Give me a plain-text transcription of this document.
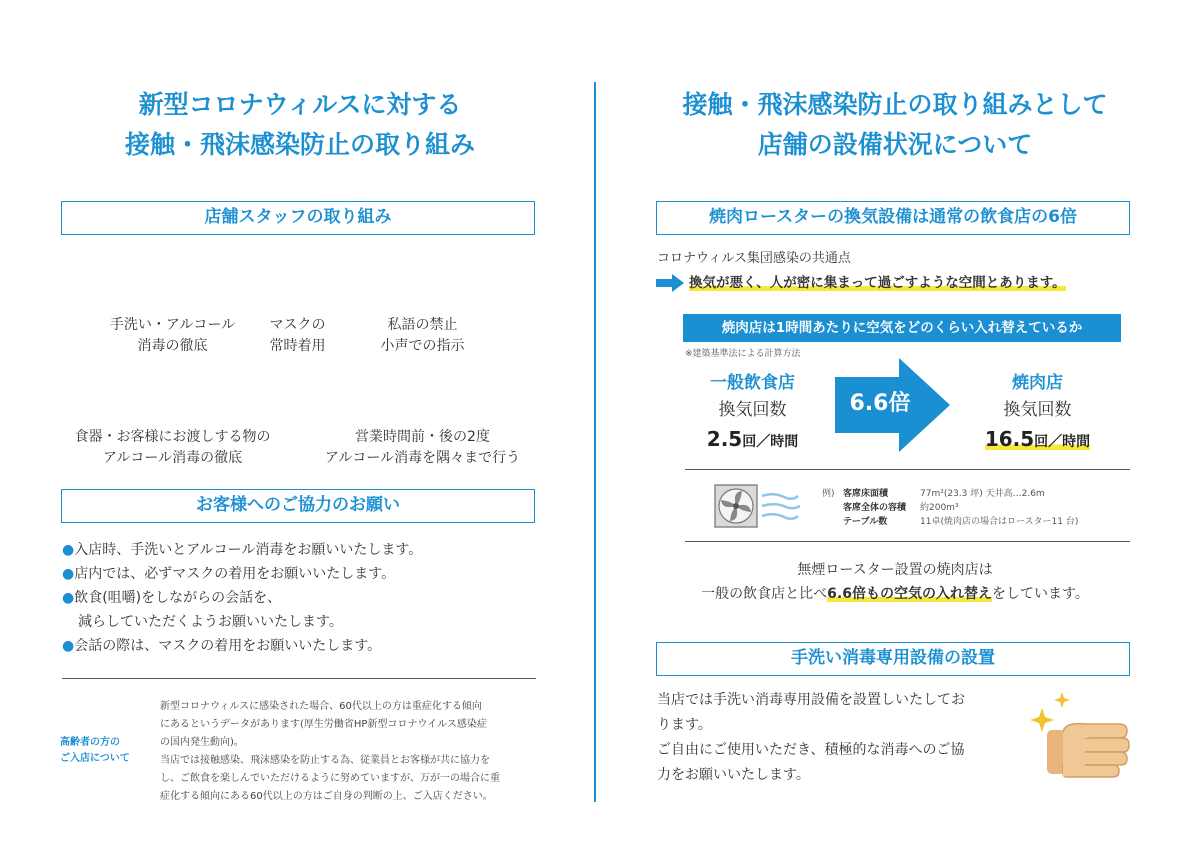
新型コロナウィルスに対する
接触・飛沫感染防止の取り組み
店舗スタッフの取り組み
手洗い・アルコール
消毒の徹底
マスクの
常時着用
私語の禁止
小声での指示
食器・お客様にお渡しする物の
アルコール消毒の徹底
営業時間前・後の2度
アルコール消毒を隅々まで行う
お客様へのご協力のお願い
●入店時、手洗いとアルコール消毒をお願いいたします。
●店内では、必ずマスクの着用をお願いいたします。
●飲食(咀嚼)をしながらの会話を、
減らしていただくようお願いいたします。
●会話の際は、マスクの着用をお願いいたします。
高齢者の方の
ご入店について
新型コロナウィルスに感染された場合、60代以上の方は重症化する傾向
にあるというデータがあります(厚生労働省HP新型コロナウイルス感染症
の国内発生動向)。
当店では接触感染、飛沫感染を防止する為、従業員とお客様が共に協力を
し、ご飲食を楽しんでいただけるように努めていますが、万が一の場合に重
症化する傾向にある60代以上の方はご自身の判断の上、ご入店ください。
接触・飛沫感染防止の取り組みとして
店舗の設備状況について
焼肉ロースターの換気設備は通常の飲食店の6倍
コロナウィルス集団感染の共通点
換気が悪く、人が密に集まって過ごすような空間とあります。
焼肉店は1時間あたりに空気をどのくらい入れ替えているか
※建築基準法による計算方法
一般飲食店
換気回数
2.5回／時間
6.6倍
焼肉店
換気回数
16.5回／時間
例) 客席床面積
客席全体の容積
テーブル数
77m²(23.3 坪) 天井高…2.6m
約200m³
11卓(焼肉店の場合はロースター11 台)
無煙ロースター設置の焼肉店は
一般の飲食店と比べ6.6倍もの空気の入れ替えをしています。
手洗い消毒専用設備の設置
当店では手洗い消毒専用設備を設置しいたしてお
ります。
ご自由にご使用いただき、積極的な消毒へのご協
力をお願いいたします。
